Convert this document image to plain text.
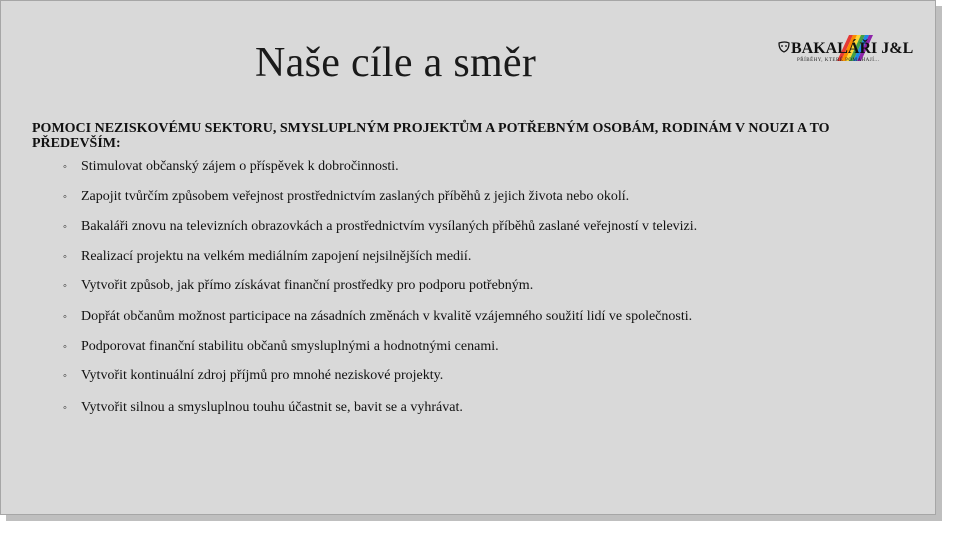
Naše cíle a směr	BAKALÁŘI J&L
PŘÍBĚHY, KTERÉ POMÁHAJÍ...
POMOCI NEZISKOVÉMU SEKTORU, SMYSLUPLNÝM PROJEKTŮM A POTŘEBNÝM OSOBÁM, RODINÁM V NOUZI A TO PŘEDEVŠÍM:
◦ Stimulovat občanský zájem o příspěvek k dobročinnosti.
◦ Zapojit tvůrčím způsobem veřejnost prostřednictvím zaslaných příběhů z jejich života nebo okolí.
◦ Bakaláři znovu na televizních obrazovkách a prostřednictvím vysílaných příběhů zaslané veřejností v televizi.
◦ Realizací projektu na velkém mediálním zapojení nejsilnějších medií.
◦ Vytvořit způsob, jak přímo získávat finanční prostředky pro podporu potřebným.
◦ Dopřát občanům možnost participace na zásadních změnách v kvalitě vzájemného soužití lidí ve společnosti.
◦ Podporovat finanční stabilitu občanů smysluplnými a hodnotnými cenami.
◦ Vytvořit kontinuální zdroj příjmů pro mnohé neziskové projekty.
◦ Vytvořit silnou a smysluplnou touhu účastnit se, bavit se a vyhrávat.
